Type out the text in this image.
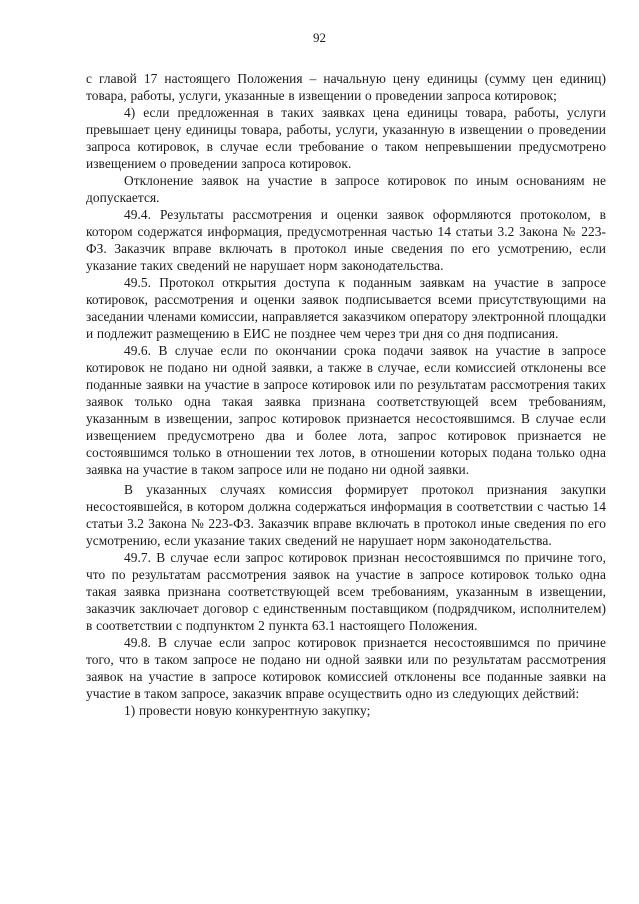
92

с главой 17 настоящего Положения – начальную цену единицы (сумму цен единиц) товара, работы, услуги, указанные в извещении о проведении запроса котировок;

4) если предложенная в таких заявках цена единицы товара, работы, услуги превышает цену единицы товара, работы, услуги, указанную в извещении о проведении запроса котировок, в случае если требование о таком непревышении предусмотрено извещением о проведении запроса котировок.

Отклонение заявок на участие в запросе котировок по иным основаниям не допускается.

49.4. Результаты рассмотрения и оценки заявок оформляются протоколом, в котором содержатся информация, предусмотренная частью 14 статьи 3.2 Закона № 223-ФЗ. Заказчик вправе включать в протокол иные сведения по его усмотрению, если указание таких сведений не нарушает норм законодательства.

49.5. Протокол открытия доступа к поданным заявкам на участие в запросе котировок, рассмотрения и оценки заявок подписывается всеми присутствующими на заседании членами комиссии, направляется заказчиком оператору электронной площадки и подлежит размещению в ЕИС не позднее чем через три дня со дня подписания.

49.6. В случае если по окончании срока подачи заявок на участие в запросе котировок не подано ни одной заявки, а также в случае, если комиссией отклонены все поданные заявки на участие в запросе котировок или по результатам рассмотрения таких заявок только одна такая заявка признана соответствующей всем требованиям, указанным в извещении, запрос котировок признается несостоявшимся. В случае если извещением предусмотрено два и более лота, запрос котировок признается не состоявшимся только в отношении тех лотов, в отношении которых подана только одна заявка на участие в таком запросе или не подано ни одной заявки.

В указанных случаях комиссия формирует протокол признания закупки несостоявшейся, в котором должна содержаться информация в соответствии с частью 14 статьи 3.2 Закона № 223-ФЗ. Заказчик вправе включать в протокол иные сведения по его усмотрению, если указание таких сведений не нарушает норм законодательства.

49.7. В случае если запрос котировок признан несостоявшимся по причине того, что по результатам рассмотрения заявок на участие в запросе котировок только одна такая заявка признана соответствующей всем требованиям, указанным в извещении, заказчик заключает договор с единственным поставщиком (подрядчиком, исполнителем) в соответствии с подпунктом 2 пункта 63.1 настоящего Положения.

49.8. В случае если запрос котировок признается несостоявшимся по причине того, что в таком запросе не подано ни одной заявки или по результатам рассмотрения заявок на участие в запросе котировок комиссией отклонены все поданные заявки на участие в таком запросе, заказчик вправе осуществить одно из следующих действий:

1) провести новую конкурентную закупку;
